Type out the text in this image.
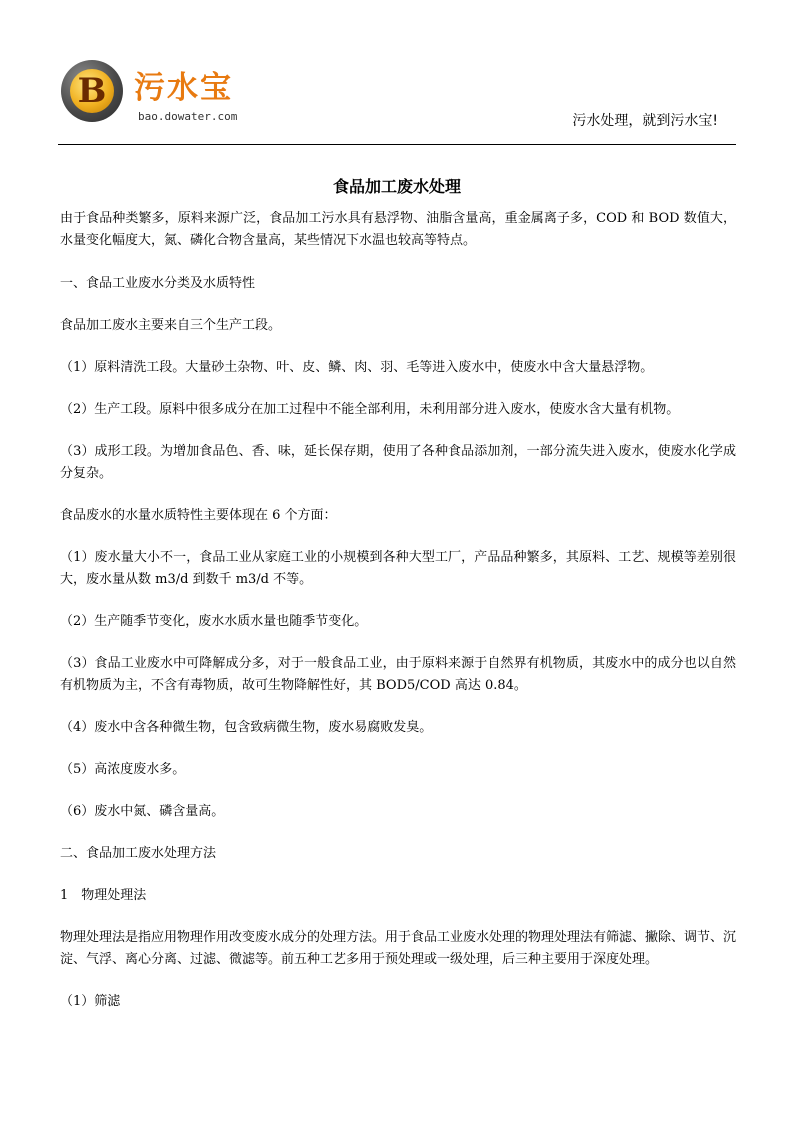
B 污水宝
bao.dowater.com	污水处理，就到污水宝!
食品加工废水处理

由于食品种类繁多，原料来源广泛，食品加工污水具有悬浮物、油脂含量高，重金属离子多，COD 和 BOD 数值大，水量变化幅度大，氮、磷化合物含量高，某些情况下水温也较高等特点。

一、食品工业废水分类及水质特性

食品加工废水主要来自三个生产工段。

（1）原料清洗工段。大量砂土杂物、叶、皮、鳞、肉、羽、毛等进入废水中，使废水中含大量悬浮物。

（2）生产工段。原料中很多成分在加工过程中不能全部利用，未利用部分进入废水，使废水含大量有机物。

（3）成形工段。为增加食品色、香、味，延长保存期，使用了各种食品添加剂，一部分流失进入废水，使废水化学成分复杂。

食品废水的水量水质特性主要体现在 6 个方面：

（1）废水量大小不一，食品工业从家庭工业的小规模到各种大型工厂，产品品种繁多，其原料、工艺、规模等差别很大，废水量从数 m3/d 到数千 m3/d 不等。

（2）生产随季节变化，废水水质水量也随季节变化。

（3）食品工业废水中可降解成分多，对于一般食品工业，由于原料来源于自然界有机物质，其废水中的成分也以自然有机物质为主，不含有毒物质，故可生物降解性好，其 BOD5/COD 高达 0.84。

（4）废水中含各种微生物，包含致病微生物，废水易腐败发臭。

（5）高浓度废水多。

（6）废水中氮、磷含量高。

二、食品加工废水处理方法

1　物理处理法

物理处理法是指应用物理作用改变废水成分的处理方法。用于食品工业废水处理的物理处理法有筛滤、撇除、调节、沉淀、气浮、离心分离、过滤、微滤等。前五种工艺多用于预处理或一级处理，后三种主要用于深度处理。

（1）筛滤
